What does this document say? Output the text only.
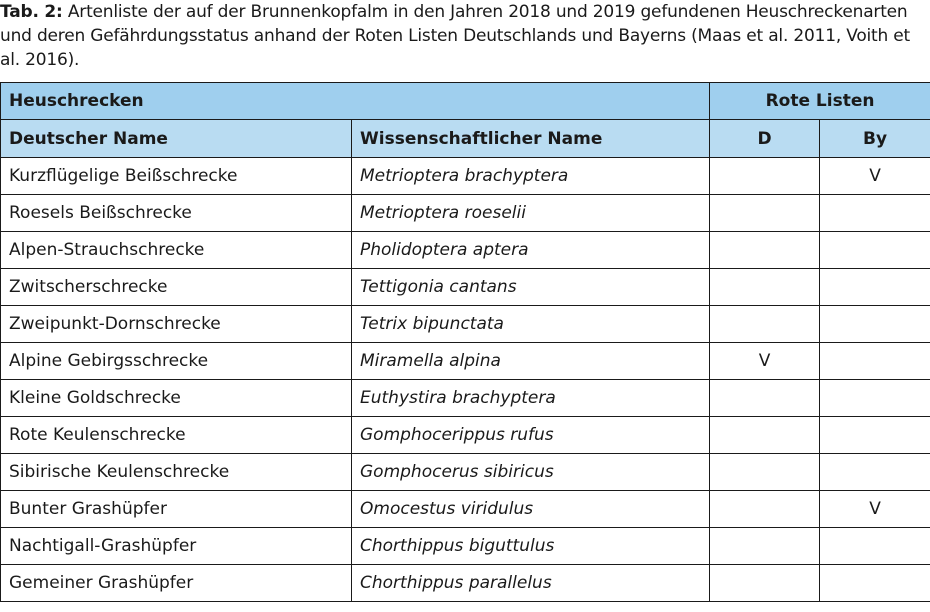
Tab. 2: Artenliste der auf der Brunnenkopfalm in den Jahren 2018 und 2019 gefundenen Heuschreckenarten und deren Gefährdungsstatus anhand der Roten Listen Deutschlands und Bayerns (Maas et al. 2011, Voith et al. 2016).
Heuschrecken		Rote Listen	
Deutscher Name	Wissenschaftlicher Name	D	By
Kurzflügelige Beißschrecke	Metrioptera brachyptera		V
Roesels Beißschrecke	Metrioptera roeselii		
Alpen-Strauchschrecke	Pholidoptera aptera		
Zwitscherschrecke	Tettigonia cantans		
Zweipunkt-Dornschrecke	Tetrix bipunctata		
Alpine Gebirgsschrecke	Miramella alpina	V	
Kleine Goldschrecke	Euthystira brachyptera		
Rote Keulenschrecke	Gomphocerippus rufus		
Sibirische Keulenschrecke	Gomphocerus sibiricus		
Bunter Grashüpfer	Omocestus viridulus		V
Nachtigall-Grashüpfer	Chorthippus biguttulus		
Gemeiner Grashüpfer	Chorthippus parallelus		
